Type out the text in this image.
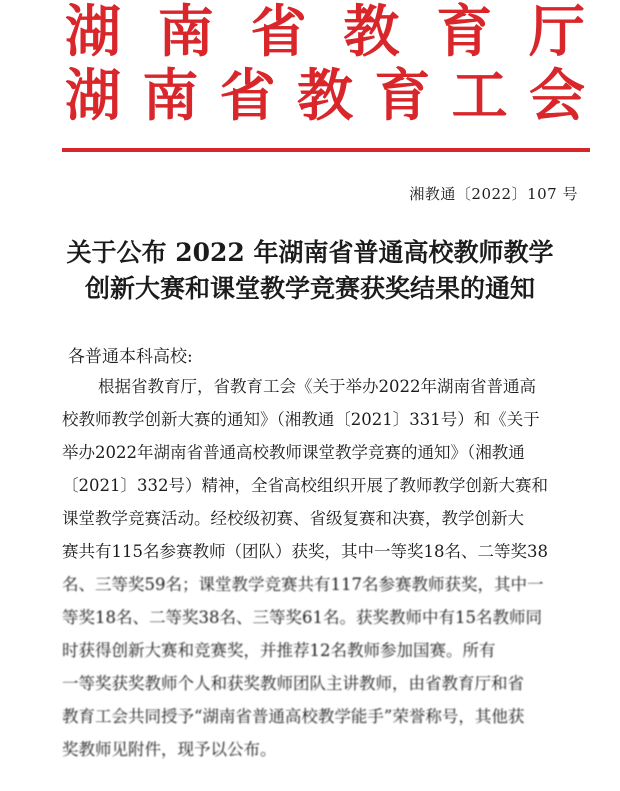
湖 南 省 教 育 厅
湖 南 省 教 育 工 会
湘教通〔2022〕107 号
关于公布 2022 年湖南省普通高校教师教学
创新大赛和课堂教学竞赛获奖结果的通知
各普通本科高校:
根据省教育厅，省教育工会《关于举办2022年湖南省普通高
校教师教学创新大赛的通知》（湘教通〔2021〕331号）和《关于
举办2022年湖南省普通高校教师课堂教学竞赛的通知》（湘教通
〔2021〕332号）精神，全省高校组织开展了教师教学创新大赛和
课堂教学竞赛活动。经校级初赛、省级复赛和决赛，教学创新大
赛共有115名参赛教师（团队）获奖，其中一等奖18名、二等奖38
名、三等奖59名；课堂教学竞赛共有117名参赛教师获奖，其中一
等奖18名、二等奖38名、三等奖61名。获奖教师中有15名教师同
时获得创新大赛和竞赛奖，并推荐12名教师参加国赛。所有
一等奖获奖教师个人和获奖教师团队主讲教师，由省教育厅和省
教育工会共同授予“湖南省普通高校教学能手”荣誉称号，其他获
奖教师见附件，现予以公布。
